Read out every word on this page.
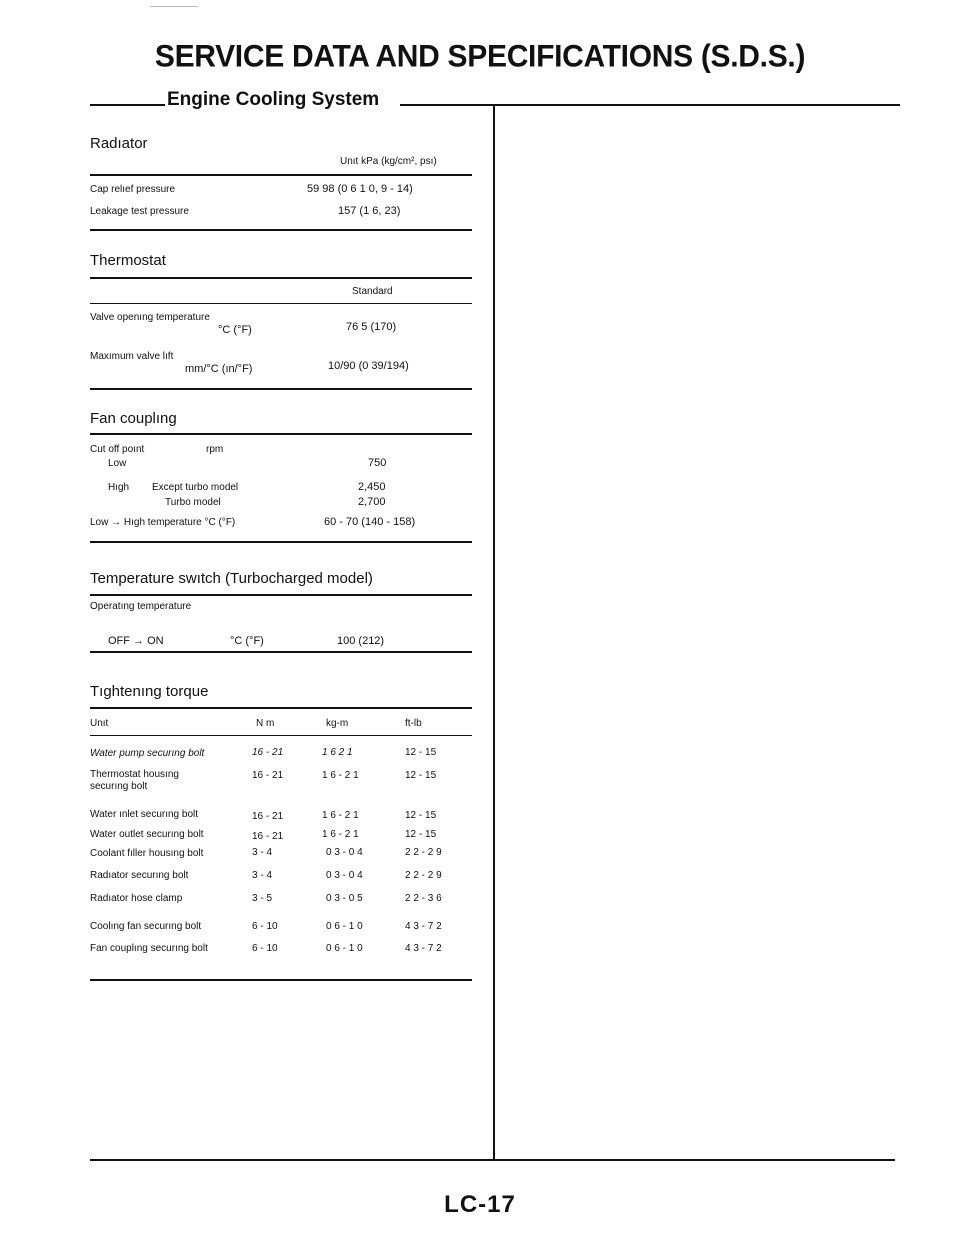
SERVICE DATA AND SPECIFICATIONS (S.D.S.)
Engine Cooling System
Radıator
Unıt kPa (kg/cm², psı)
Cap relıef pressure	59 98 (0 6 1 0, 9 - 14)
Leakage test pressure	157 (1 6, 23)
Thermostat
Standard
Valve openıng temperature
°C (°F)	76 5 (170)
Maxımum valve lıft
mm/°C (ın/°F)	10/90 (0 39/194)
Fan couplıng
Cut off poınt	rpm
Low	750
Hıgh Except turbo model	2,450
Turbo model	2,700
Low → Hıgh temperature °C (°F)	60 - 70 (140 - 158)
Temperature swıtch (Turbocharged model)
Operatıng temperature
OFF → ON	°C (°F)	100 (212)
Tıghtenıng torque
Unıt	N m	kg-m	ft-lb
Water pump securıng bolt	16 - 21	1 6 2 1	12 - 15
Thermostat housıng
securıng bolt
16 - 21	1 6 - 2 1	12 - 15
Water ınlet securıng bolt	16 - 21	1 6 - 2 1	12 - 15
Water outlet securıng bolt	16 - 21	1 6 - 2 1	12 - 15
Coolant fıller housıng bolt	3 - 4	0 3 - 0 4	2 2 - 2 9
Radıator securıng bolt	3 - 4	0 3 - 0 4	2 2 - 2 9
Radıator hose clamp	3 - 5	0 3 - 0 5	2 2 - 3 6
Coolıng fan securıng bolt	6 - 10	0 6 - 1 0	4 3 - 7 2
Fan couplıng securıng bolt	6 - 10	0 6 - 1 0	4 3 - 7 2
LC-17
